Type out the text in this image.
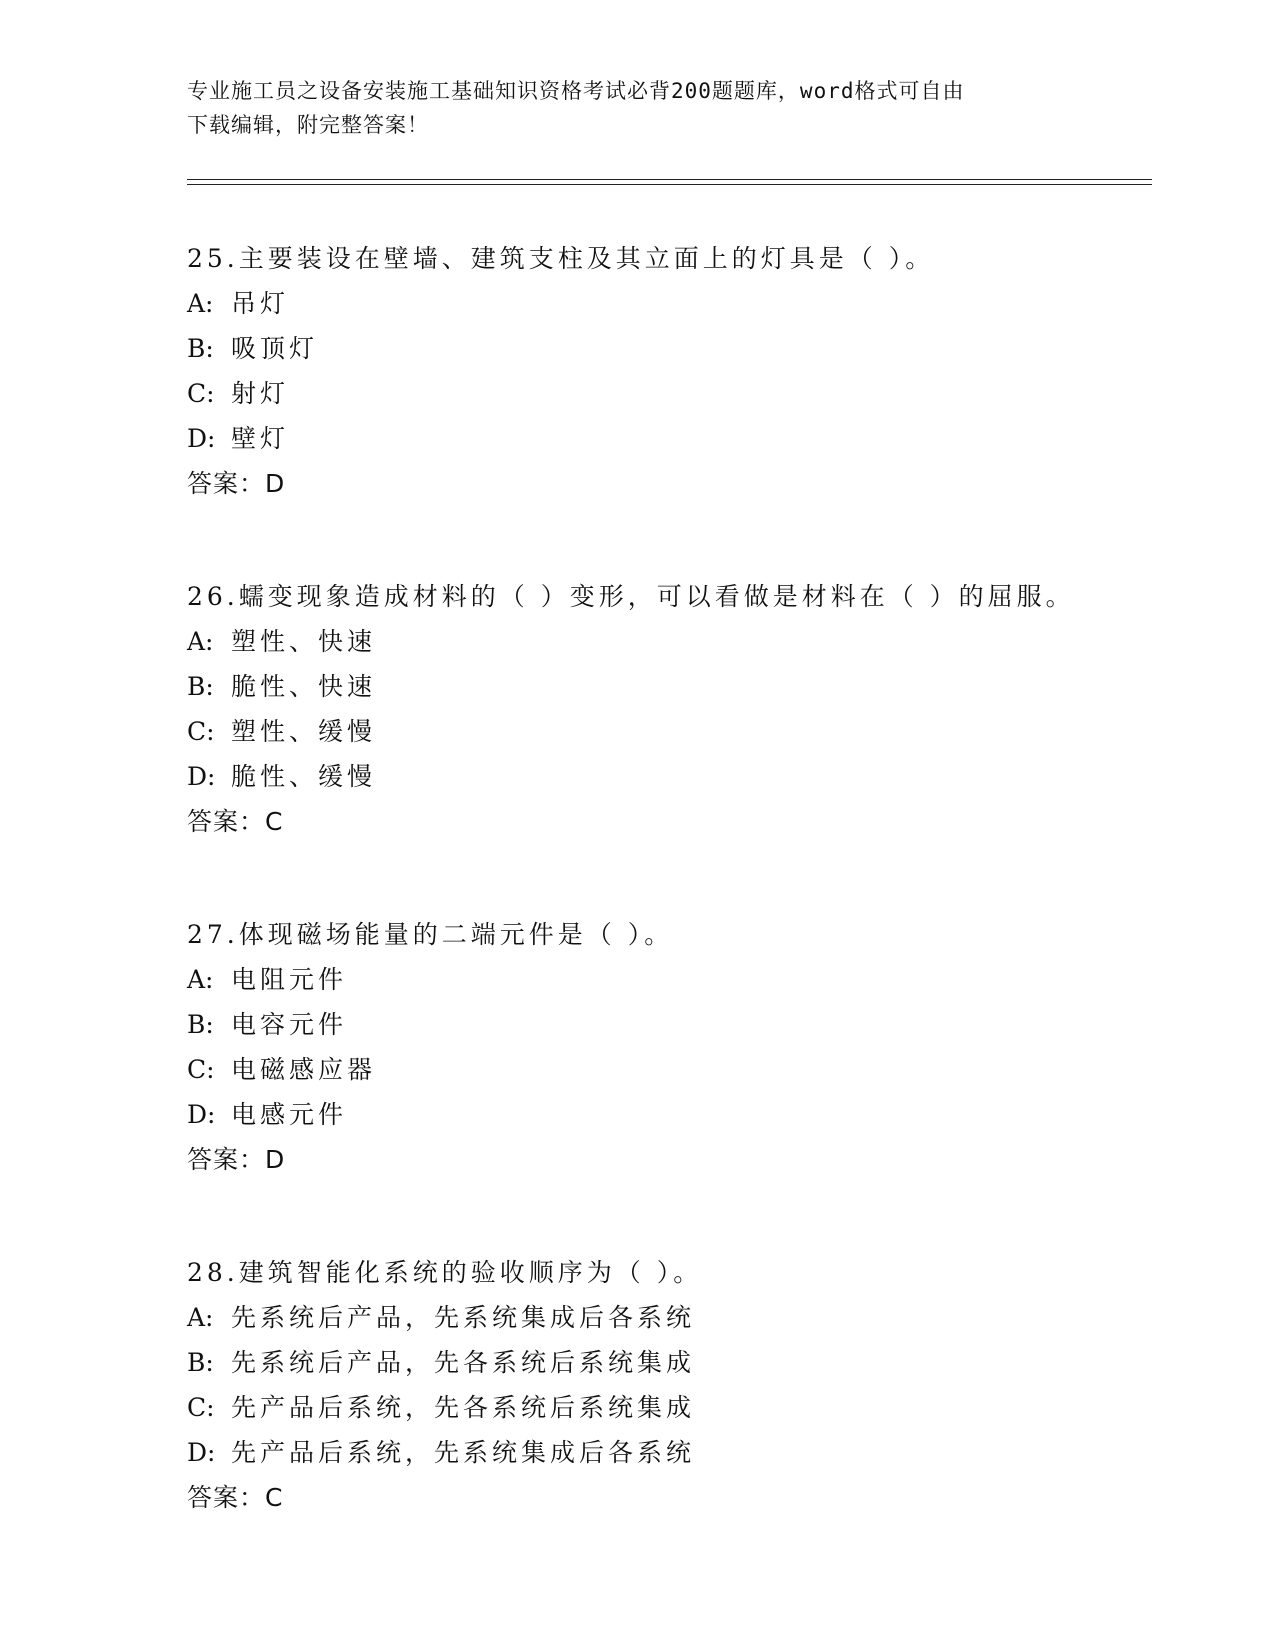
专业施工员之设备安装施工基础知识资格考试必背200题题库，word格式可自由
下载编辑，附完整答案！
25.主要装设在壁墙、建筑支柱及其立面上的灯具是（ ）。
A: 吊灯
B: 吸顶灯
C: 射灯
D: 壁灯
答案：D
26.蠕变现象造成材料的（ ）变形，可以看做是材料在（ ）的屈服。
A: 塑性、快速
B: 脆性、快速
C: 塑性、缓慢
D: 脆性、缓慢
答案：C
27.体现磁场能量的二端元件是（ ）。
A: 电阻元件
B: 电容元件
C: 电磁感应器
D: 电感元件
答案：D
28.建筑智能化系统的验收顺序为（ ）。
A: 先系统后产品，先系统集成后各系统
B: 先系统后产品，先各系统后系统集成
C: 先产品后系统，先各系统后系统集成
D: 先产品后系统，先系统集成后各系统
答案：C
